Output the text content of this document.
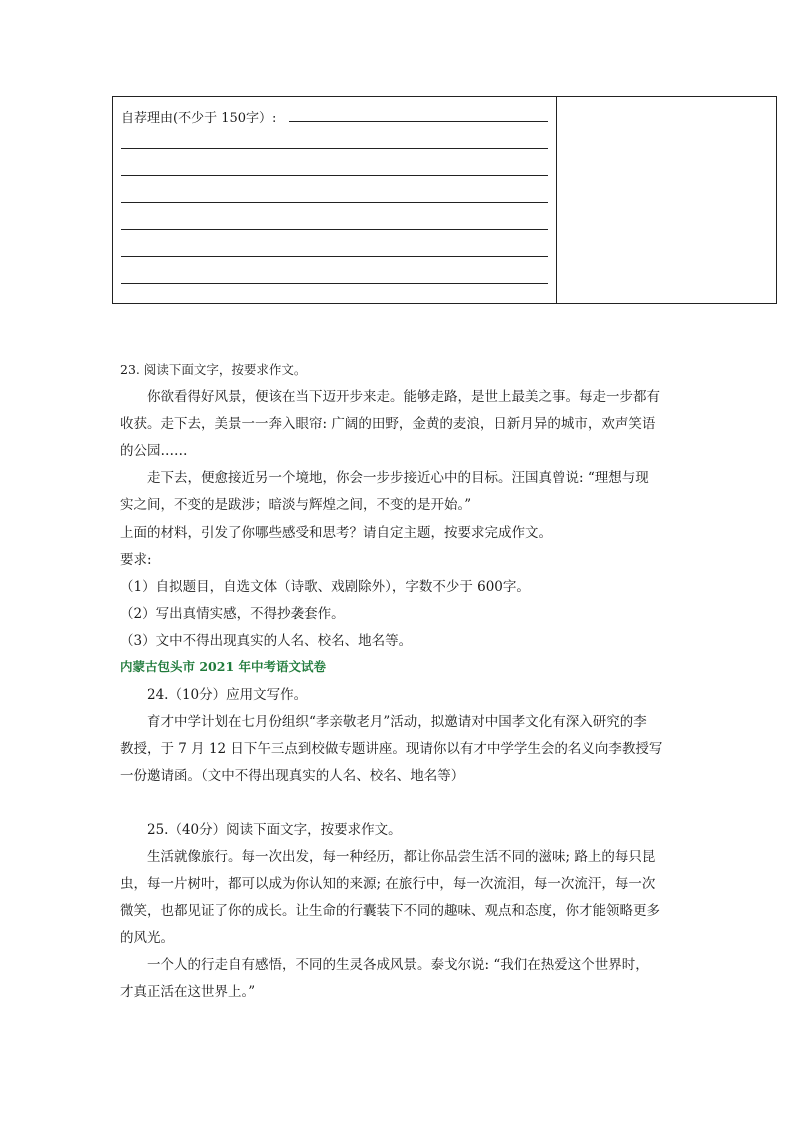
自荐理由(不少于 150字）:
23. 阅读下面文字，按要求作文。
你欲看得好风景，便该在当下迈开步来走。能够走路，是世上最美之事。每走一步都有
收获。走下去，美景一一奔入眼帘: 广阔的田野，金黄的麦浪，日新月异的城市，欢声笑语
的公园……
走下去，便愈接近另一个境地，你会一步步接近心中的目标。汪国真曾说: “理想与现
实之间，不变的是跋涉；暗淡与辉煌之间，不变的是开始。”
上面的材料，引发了你哪些感受和思考？请自定主题，按要求完成作文。
要求:
（1）自拟题目，自选文体（诗歌、戏剧除外），字数不少于 600字。
（2）写出真情实感，不得抄袭套作。
（3）文中不得出现真实的人名、校名、地名等。
内蒙古包头市 2021 年中考语文试卷
24.（10分）应用文写作。
育才中学计划在七月份组织“孝亲敬老月”活动，拟邀请对中国孝文化有深入研究的李
教授，于 7 月 12 日下午三点到校做专题讲座。现请你以有才中学学生会的名义向李教授写
一份邀请函。（文中不得出现真实的人名、校名、地名等）
25.（40分）阅读下面文字，按要求作文。
生活就像旅行。每一次出发，每一种经历，都让你品尝生活不同的滋味; 路上的每只昆
虫，每一片树叶，都可以成为你认知的来源; 在旅行中，每一次流泪，每一次流汗，每一次
微笑，也都见证了你的成长。让生命的行囊装下不同的趣味、观点和态度，你才能领略更多
的风光。
一个人的行走自有感悟，不同的生灵各成风景。泰戈尔说: “我们在热爱这个世界时，
才真正活在这世界上。”
